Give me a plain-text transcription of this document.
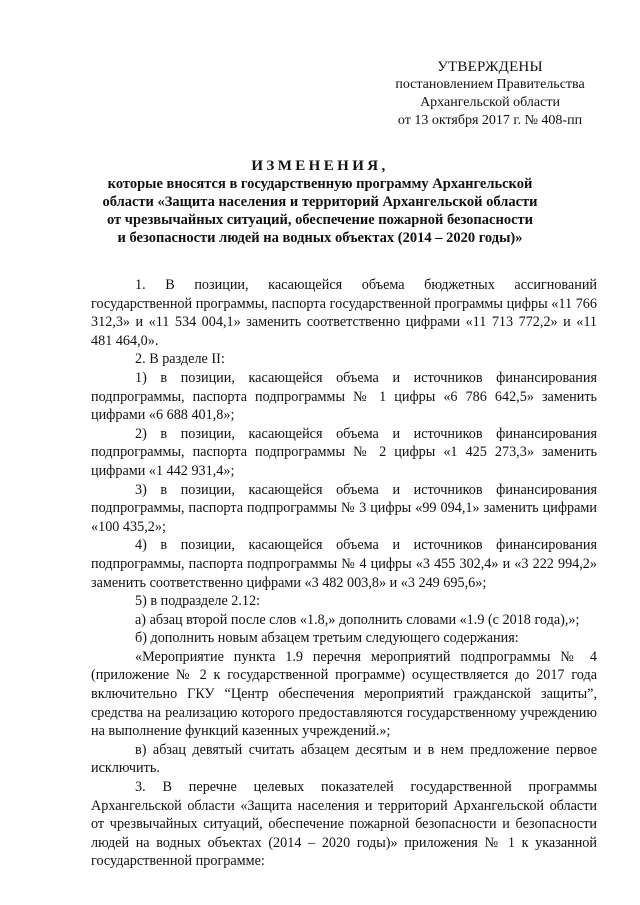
УТВЕРЖДЕНЫ
постановлением Правительства
Архангельской области
от 13 октября 2017 г. № 408-пп
ИЗМЕНЕНИЯ,
которые вносятся в государственную программу Архангельской
области «Защита населения и территорий Архангельской области
от чрезвычайных ситуаций, обеспечение пожарной безопасности
и безопасности людей на водных объектах (2014 – 2020 годы)»

1. В позиции, касающейся объема бюджетных ассигнований государственной программы, паспорта государственной программы цифры «11 766 312,3» и «11 534 004,1» заменить соответственно цифрами «11 713 772,2» и «11 481 464,0».

2. В разделе II:

1) в позиции, касающейся объема и источников финансирования подпрограммы, паспорта подпрограммы № 1 цифры «6 786 642,5» заменить цифрами «6 688 401,8»;

2) в позиции, касающейся объема и источников финансирования подпрограммы, паспорта подпрограммы № 2 цифры «1 425 273,3» заменить цифрами «1 442 931,4»;

3) в позиции, касающейся объема и источников финансирования подпрограммы, паспорта подпрограммы № 3 цифры «99 094,1» заменить цифрами «100 435,2»;

4) в позиции, касающейся объема и источников финансирования подпрограммы, паспорта подпрограммы № 4 цифры «3 455 302,4» и «3 222 994,2» заменить соответственно цифрами «3 482 003,8» и «3 249 695,6»;

5) в подразделе 2.12:

а) абзац второй после слов «1.8,» дополнить словами «1.9 (с 2018 года),»;

б) дополнить новым абзацем третьим следующего содержания:

«Мероприятие пункта 1.9 перечня мероприятий подпрограммы № 4 (приложение № 2 к государственной программе) осуществляется до 2017 года включительно ГКУ “Центр обеспечения мероприятий гражданской защиты”, средства на реализацию которого предоставляются государственному учреждению на выполнение функций казенных учреждений.»;

в) абзац девятый считать абзацем десятым и в нем предложение первое исключить.

3. В перечне целевых показателей государственной программы Архангельской области «Защита населения и территорий Архангельской области от чрезвычайных ситуаций, обеспечение пожарной безопасности и безопасности людей на водных объектах (2014 – 2020 годы)» приложения № 1 к указанной государственной программе:
